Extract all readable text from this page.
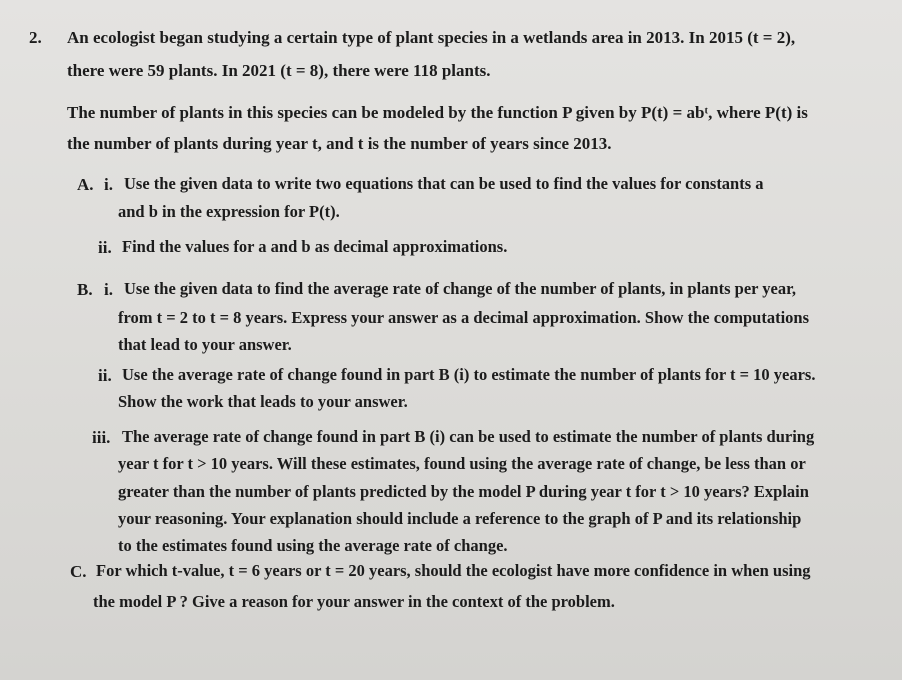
2. An ecologist began studying a certain type of plant species in a wetlands area in 2013. In 2015 (t = 2),
there were 59 plants. In 2021 (t = 8), there were 118 plants.
The number of plants in this species can be modeled by the function P given by P(t) = abᵗ, where P(t) is
the number of plants during year t, and t is the number of years since 2013.
A. i. Use the given data to write two equations that can be used to find the values for constants a
and b in the expression for P(t).
ii. Find the values for a and b as decimal approximations.
B. i. Use the given data to find the average rate of change of the number of plants, in plants per year,
from t = 2 to t = 8 years. Express your answer as a decimal approximation. Show the computations
that lead to your answer.
ii. Use the average rate of change found in part B (i) to estimate the number of plants for t = 10 years.
Show the work that leads to your answer.
iii. The average rate of change found in part B (i) can be used to estimate the number of plants during
year t for t > 10 years. Will these estimates, found using the average rate of change, be less than or
greater than the number of plants predicted by the model P during year t for t > 10 years? Explain
your reasoning. Your explanation should include a reference to the graph of P and its relationship
to the estimates found using the average rate of change.
C. For which t-value, t = 6 years or t = 20 years, should the ecologist have more confidence in when using
the model P ? Give a reason for your answer in the context of the problem.
